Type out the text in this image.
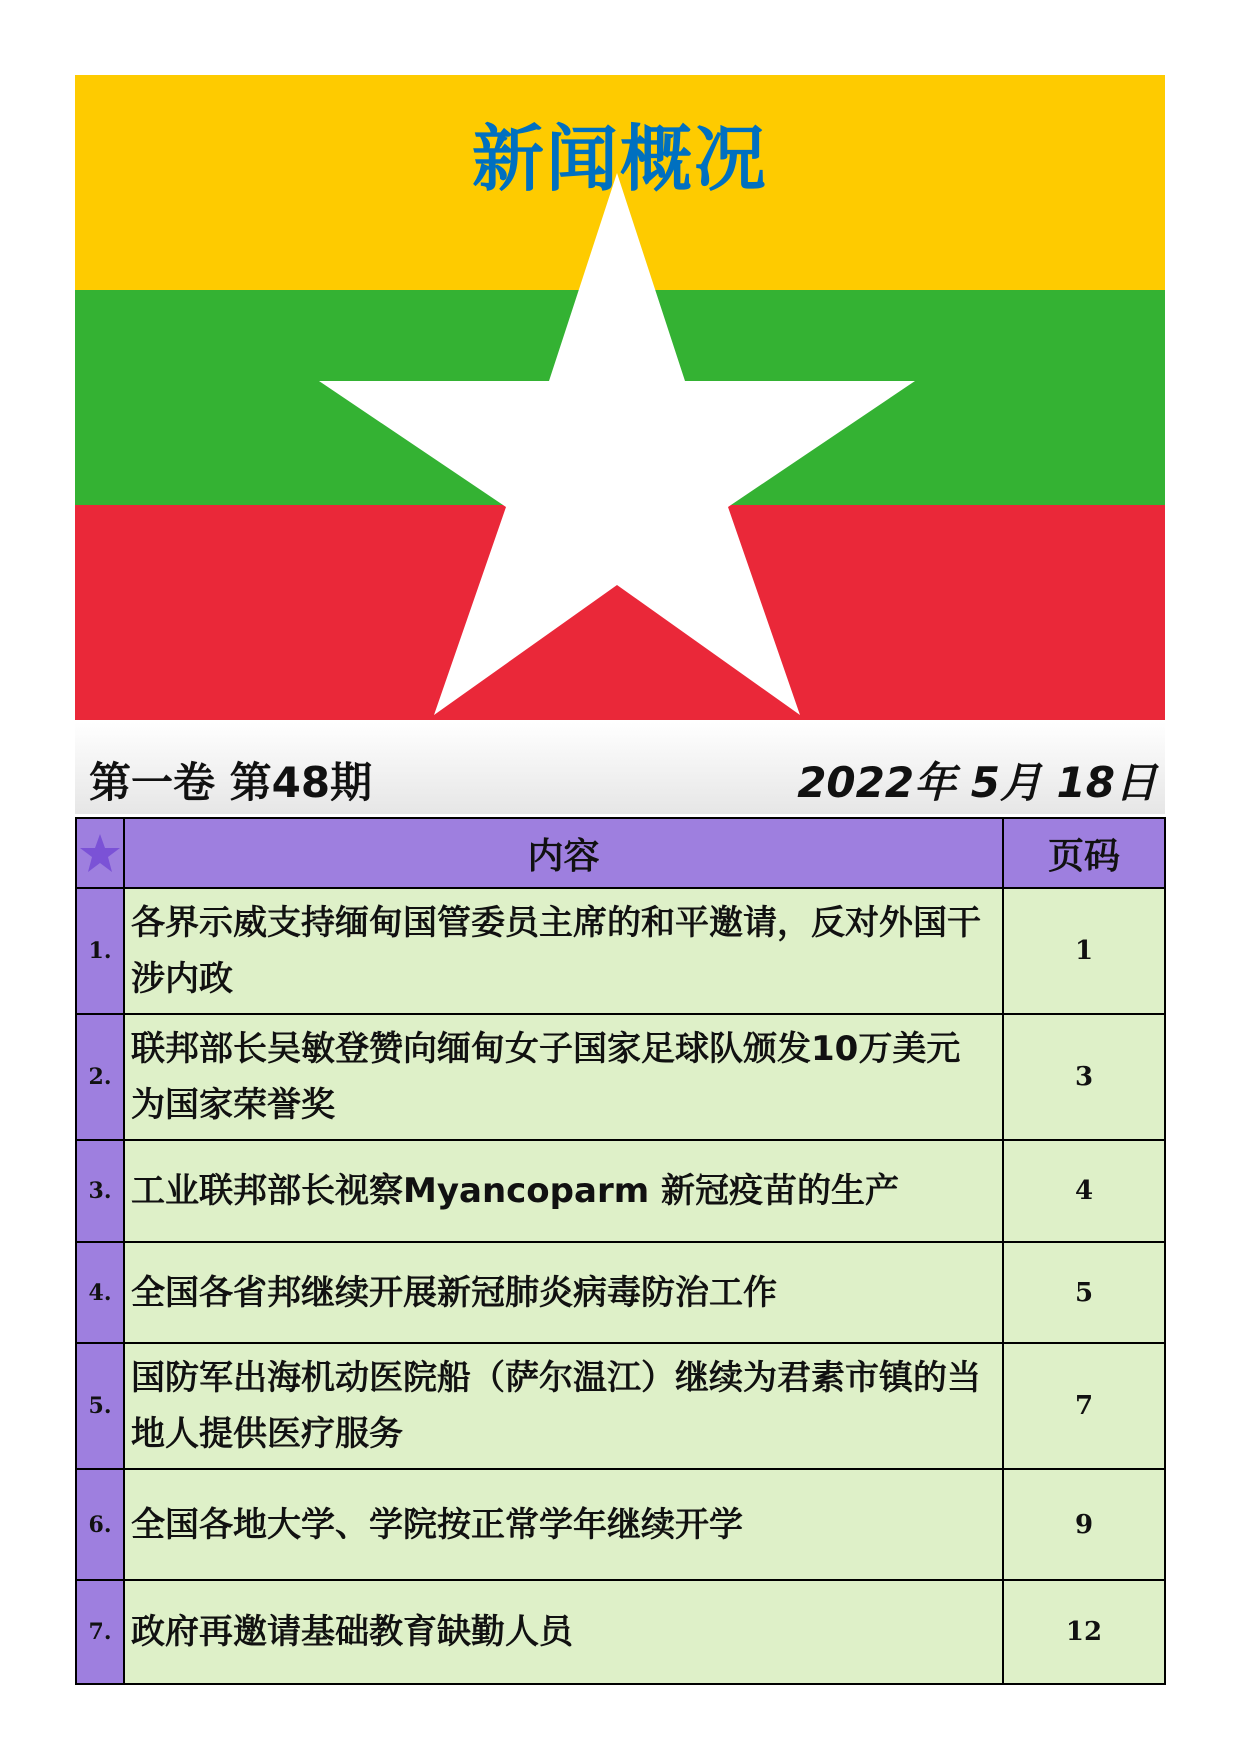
新闻概况
第一卷 第48期	2022年 5月 18日
	内容	页码
1.	各界示威支持缅甸国管委员主席的和平邀请，反对外国干涉内政	1
2.	联邦部长吴敏登赞向缅甸女子国家足球队颁发10万美元为国家荣誉奖	3
3.	工业联邦部长视察Myancoparm 新冠疫苗的生产	4
4.	全国各省邦继续开展新冠肺炎病毒防治工作	5
5.	国防军出海机动医院船（萨尔温江）继续为君素市镇的当地人提供医疗服务	7
6.	全国各地大学、学院按正常学年继续开学	9
7.	政府再邀请基础教育缺勤人员	12
